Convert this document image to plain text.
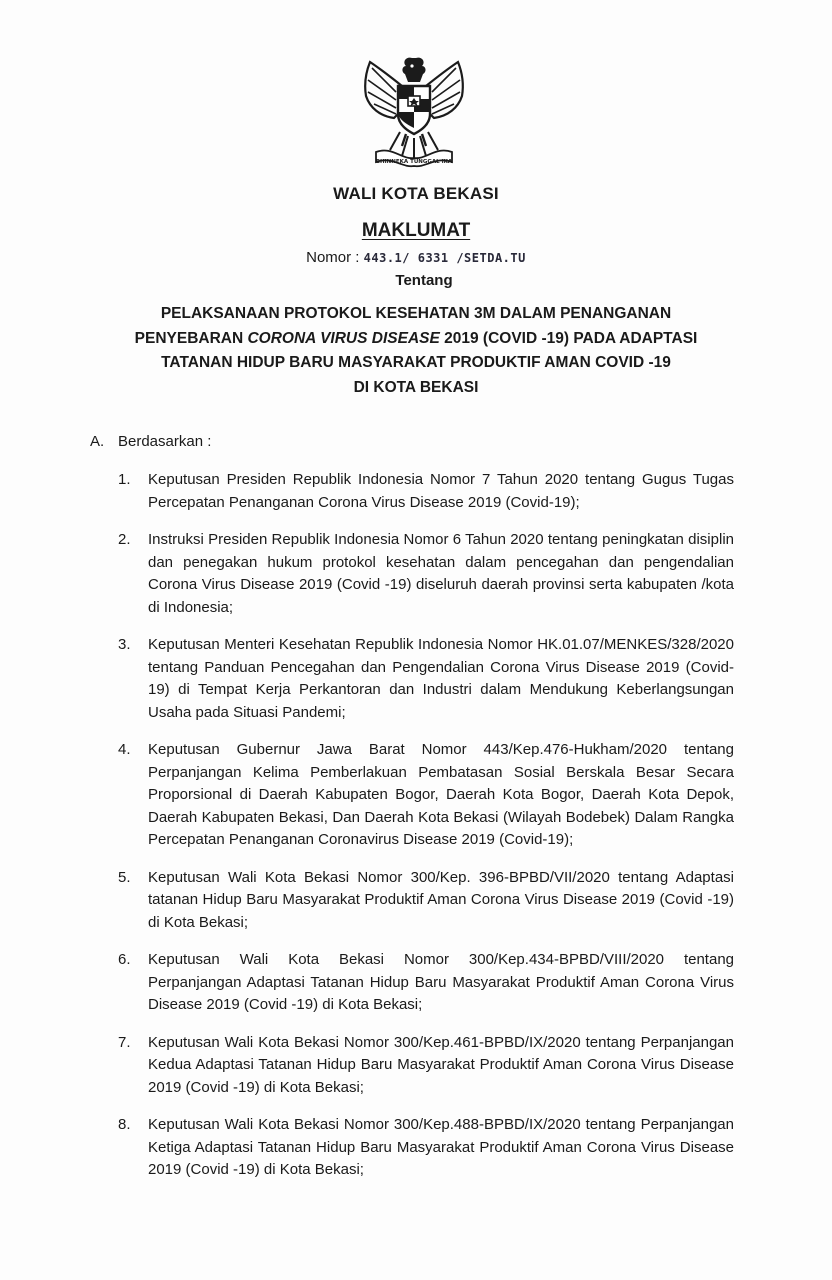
BHINNEKA TUNGGAL IKA
WALI KOTA BEKASI
MAKLUMAT
Nomor : 443.1/ 6331 /SETDA.TU
Tentang
PELAKSANAAN PROTOKOL KESEHATAN 3M DALAM PENANGANAN
PENYEBARAN CORONA VIRUS DISEASE 2019 (COVID -19) PADA ADAPTASI
TATANAN HIDUP BARU MASYARAKAT PRODUKTIF AMAN COVID -19
DI KOTA BEKASI
A. Berdasarkan :
1. Keputusan Presiden Republik Indonesia Nomor 7 Tahun 2020 tentang Gugus Tugas Percepatan Penanganan Corona Virus Disease 2019 (Covid-19);
2. Instruksi Presiden Republik Indonesia Nomor 6 Tahun 2020 tentang peningkatan disiplin dan penegakan hukum protokol kesehatan dalam pencegahan dan pengendalian Corona Virus Disease 2019 (Covid -19) diseluruh daerah provinsi serta kabupaten /kota di Indonesia;
3. Keputusan Menteri Kesehatan Republik Indonesia Nomor HK.01.07/MENKES/328/2020 tentang Panduan Pencegahan dan Pengendalian Corona Virus Disease 2019 (Covid-19) di Tempat Kerja Perkantoran dan Industri dalam Mendukung Keberlangsungan Usaha pada Situasi Pandemi;
4. Keputusan Gubernur Jawa Barat Nomor 443/Kep.476-Hukham/2020 tentang Perpanjangan Kelima Pemberlakuan Pembatasan Sosial Berskala Besar Secara Proporsional di Daerah Kabupaten Bogor, Daerah Kota Bogor, Daerah Kota Depok, Daerah Kabupaten Bekasi, Dan Daerah Kota Bekasi (Wilayah Bodebek) Dalam Rangka Percepatan Penanganan Coronavirus Disease 2019 (Covid-19);
5. Keputusan Wali Kota Bekasi Nomor 300/Kep. 396-BPBD/VII/2020 tentang Adaptasi tatanan Hidup Baru Masyarakat Produktif Aman Corona Virus Disease 2019 (Covid -19) di Kota Bekasi;
6. Keputusan Wali Kota Bekasi Nomor 300/Kep.434-BPBD/VIII/2020 tentang Perpanjangan Adaptasi Tatanan Hidup Baru Masyarakat Produktif Aman Corona Virus Disease 2019 (Covid -19) di Kota Bekasi;
7. Keputusan Wali Kota Bekasi Nomor 300/Kep.461-BPBD/IX/2020 tentang Perpanjangan Kedua Adaptasi Tatanan Hidup Baru Masyarakat Produktif Aman Corona Virus Disease 2019 (Covid -19) di Kota Bekasi;
8. Keputusan Wali Kota Bekasi Nomor 300/Kep.488-BPBD/IX/2020 tentang Perpanjangan Ketiga Adaptasi Tatanan Hidup Baru Masyarakat Produktif Aman Corona Virus Disease 2019 (Covid -19) di Kota Bekasi;
